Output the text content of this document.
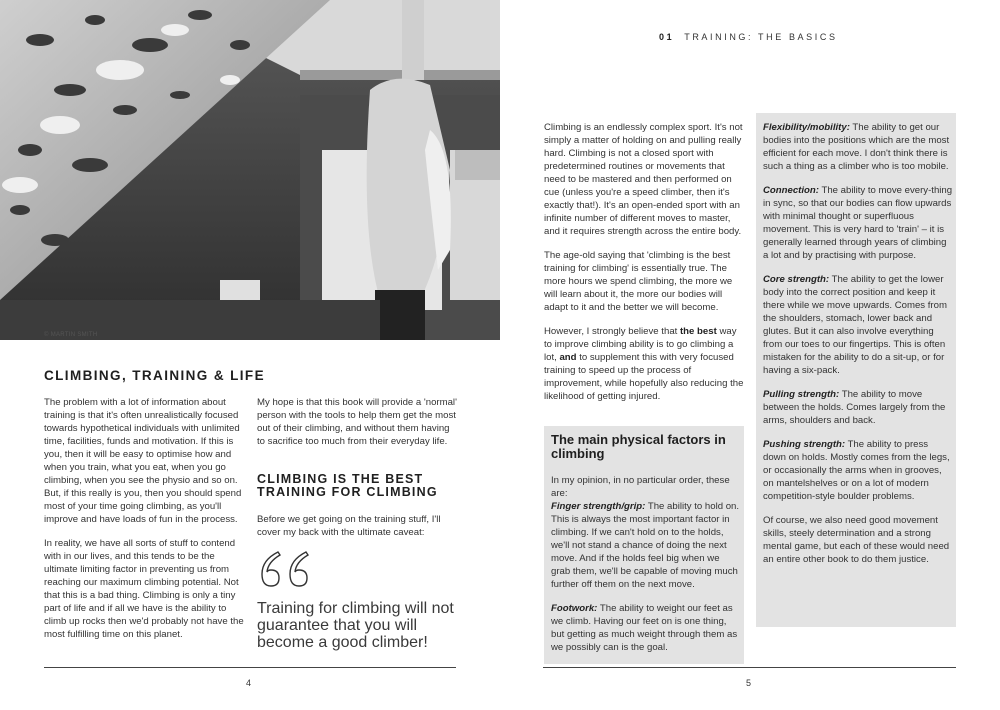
© MARTIN SMITH
CLIMBING, TRAINING & LIFE

The problem with a lot of information about training is that it's often unrealistically focused towards hypothetical individuals with unlimited time, facilities, funds and motivation. If this is you, then it will be easy to optimise how and when you train, what you eat, when you go climbing, when you see the physio and so on. But, if this really is you, then you should spend most of your time going climbing, as you'll improve and have loads of fun in the process.

In reality, we have all sorts of stuff to contend with in our lives, and this tends to be the ultimate limiting factor in preventing us from reaching our maximum climbing potential. Not that this is a bad thing. Climbing is only a tiny part of life and if all we have is the ability to climb up rocks then we'd probably not have the most fulfilling time on this planet.

My hope is that this book will provide a 'normal' person with the tools to help them get the most out of their climbing, and without them having to sacrifice too much from their everyday life.

CLIMBING IS THE BEST TRAINING FOR CLIMBING
Before we get going on the training stuff, I'll cover my back with the ultimate caveat:
Training for climbing will not guarantee that you will become a good climber!
4
01 TRAINING: THE BASICS

Climbing is an endlessly complex sport. It's not simply a matter of holding on and pulling really hard. Climbing is not a closed sport with predetermined routines or movements that need to be mastered and then performed on cue (unless you're a speed climber, then it's exactly that!). It's an open-ended sport with an infinite number of different moves to master, and it requires strength across the entire body.

The age-old saying that 'climbing is the best training for climbing' is essentially true. The more hours we spend climbing, the more we will learn about it, the more our bodies will adapt to it and the better we will become.

However, I strongly believe that the best way to improve climbing ability is to go climbing a lot, and to supplement this with very focused training to speed up the process of improvement, while hopefully also reducing the likelihood of getting injured.

The main physical factors in climbing
In my opinion, in no particular order, these are:

Finger strength/grip: The ability to hold on. This is always the most important factor in climbing. If we can't hold on to the holds, we'll not stand a chance of doing the next move. And if the holds feel big when we grab them, we'll be capable of moving much further off them on the next move.

Footwork: The ability to weight our feet as we climb. Having our feet on is one thing, but getting as much weight through them as we possibly can is the goal.

Flexibility/mobility: The ability to get our bodies into the positions which are the most efficient for each move. I don't think there is such a thing as a climber who is too mobile.

Connection: The ability to move every-thing in sync, so that our bodies can flow upwards with minimal thought or superfluous movement. This is very hard to 'train' – it is generally learned through years of climbing a lot and by practising with purpose.

Core strength: The ability to get the lower body into the correct position and keep it there while we move upwards. Comes from the shoulders, stomach, lower back and glutes. But it can also involve everything from our toes to our fingertips. This is often mistaken for the ability to do a sit-up, or for having a six-pack.

Pulling strength: The ability to move between the holds. Comes largely from the arms, shoulders and back.

Pushing strength: The ability to press down on holds. Mostly comes from the legs, or occasionally the arms when in grooves, on mantelshelves or on a lot of modern competition-style boulder problems.

Of course, we also need good movement skills, steely determination and a strong mental game, but each of these would need an entire other book to do them justice.

5
